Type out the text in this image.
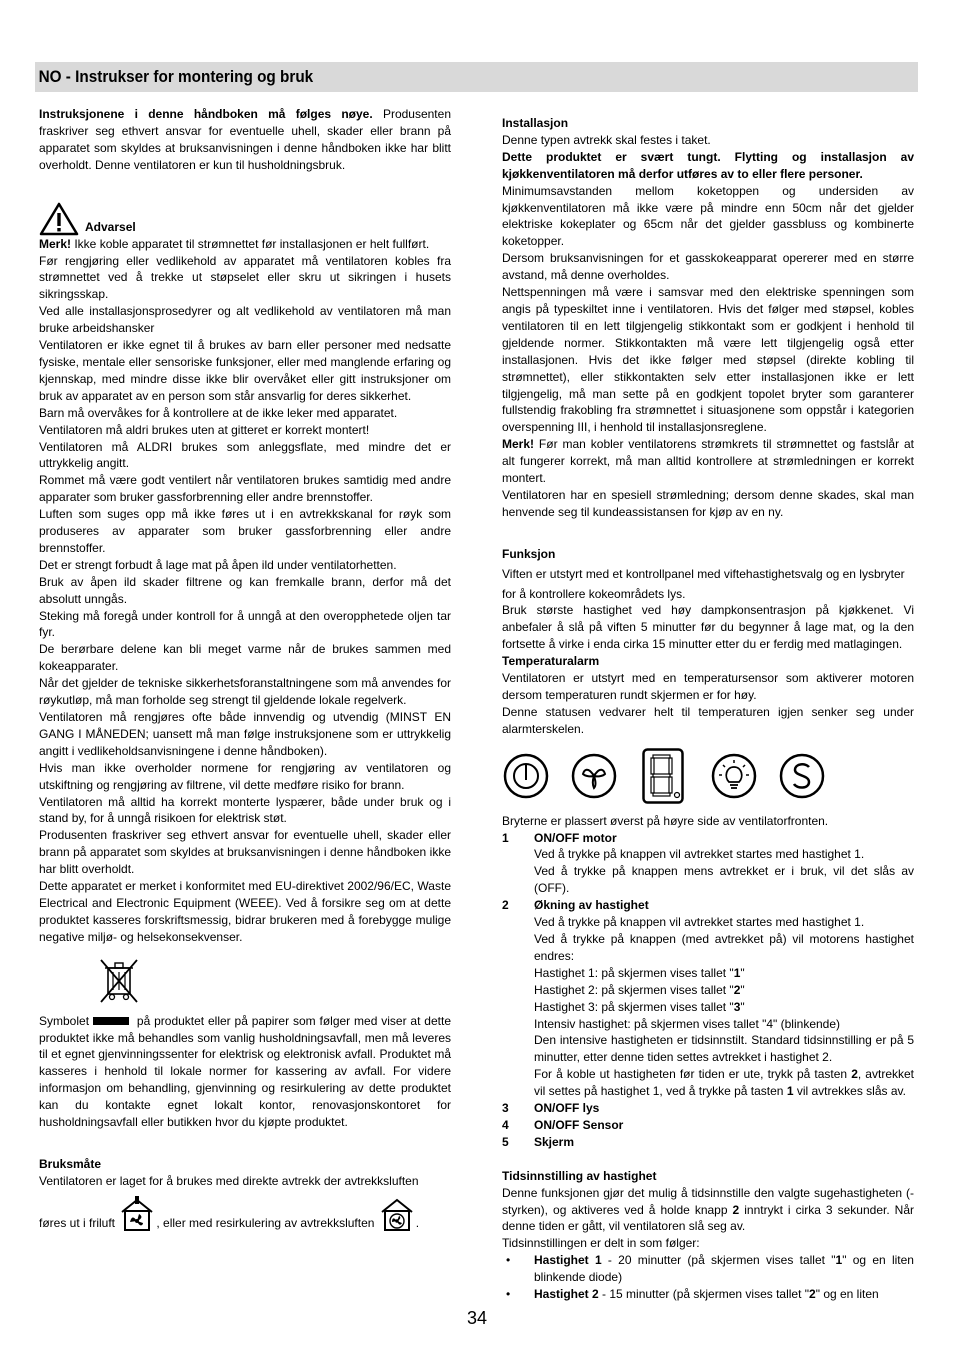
NO - Instrukser for montering og bruk

Instruksjonene i denne håndboken må følges nøye. Produsenten fraskriver seg ethvert ansvar for eventuelle uhell, skader eller brann på apparatet som skyldes at bruksanvisningen i denne håndboken ikke har blitt overholdt. Denne ventilatoren er kun til husholdningsbruk.

Advarsel

Merk! Ikke koble apparatet til strømnettet før installasjonen er helt fullført.

Før rengjøring eller vedlikehold av apparatet må ventilatoren kobles fra strømnettet ved å trekke ut støpselet eller skru ut sikringen i husets sikringsskap.

Ved alle installasjonsprosedyrer og alt vedlikehold av ventilatoren må man bruke arbeidshansker

Ventilatoren er ikke egnet til å brukes av barn eller personer med nedsatte fysiske, mentale eller sensoriske funksjoner, eller med manglende erfaring og kjennskap, med mindre disse ikke blir overvåket eller gitt instruksjoner om bruk av apparatet av en person som står ansvarlig for deres sikkerhet.

Barn må overvåkes for å kontrollere at de ikke leker med apparatet.

Ventilatoren må aldri brukes uten at gitteret er korrekt montert!

Ventilatoren må ALDRI brukes som anleggsflate, med mindre det er uttrykkelig angitt.

Rommet må være godt ventilert når ventilatoren brukes samtidig med andre apparater som bruker gassforbrenning eller andre brennstoffer.

Luften som suges opp må ikke føres ut i en avtrekkskanal for røyk som produseres av apparater som bruker gassforbrenning eller andre brennstoffer.

Det er strengt forbudt å lage mat på åpen ild under ventilatorhetten.

Bruk av åpen ild skader filtrene og kan fremkalle brann, derfor må det absolutt unngås.

Steking må foregå under kontroll for å unngå at den overopphetede oljen tar fyr.

De berørbare delene kan bli meget varme når de brukes sammen med kokeapparater.

Når det gjelder de tekniske sikkerhetsforanstaltningene som må anvendes for røykutløp, må man forholde seg strengt til gjeldende lokale regelverk.

Ventilatoren må rengjøres ofte både innvendig og utvendig (MINST EN GANG I MÅNEDEN; uansett må man følge instruksjonene som er uttrykkelig angitt i vedlikeholdsanvisningene i denne håndboken).

Hvis man ikke overholder normene for rengjøring av ventilatoren og utskiftning og rengjøring av filtrene, vil dette medføre risiko for brann.

Ventilatoren må alltid ha korrekt monterte lyspærer, både under bruk og i stand by, for å unngå risikoen for elektrisk støt.

Produsenten fraskriver seg ethvert ansvar for eventuelle uhell, skader eller brann på apparatet som skyldes at bruksanvisningen i denne håndboken ikke har blitt overholdt.

Dette apparatet er merket i konformitet med EU-direktivet 2002/96/EC, Waste Electrical and Electronic Equipment (WEEE). Ved å forsikre seg om at dette produktet kasseres forskriftsmessig, bidrar brukeren med å forebygge mulige negative miljø- og helsekonsekvenser.

Symbolet	på produktet eller på papirer som følger med viser at dette produktet ikke må behandles som vanlig husholdningsavfall, men må leveres til et egnet gjenvinningssenter for elektrisk og elektronisk avfall. Produktet må kasseres i henhold til lokale normer for kassering av avfall. For videre informasjon om behandling, gjenvinning og resirkulering av dette produktet kan du kontakte egnet lokalt kontor, renovasjonskontoret for husholdningsavfall eller butikken hvor du kjøpte produktet.

Bruksmåte

Ventilatoren er laget for å brukes med direkte avtrekk der avtrekksluften

føres ut i friluft	, eller med resirkulering av avtrekksluften	.

Installasjon

Denne typen avtrekk skal festes i taket.

Dette produktet er svært tungt. Flytting og installasjon av kjøkkenventilatoren må derfor utføres av to eller flere personer.

Minimumsavstanden mellom koketoppen og undersiden av kjøkkenventilatoren må ikke være på mindre enn 50cm når det gjelder elektriske kokeplater og 65cm når det gjelder gassbluss og kombinerte koketopper.

Dersom bruksanvisningen for et gasskokeapparat opererer med en større avstand, må denne overholdes.

Nettspenningen må være i samsvar med den elektriske spenningen som angis på typeskiltet inne i ventilatoren. Hvis det følger med støpsel, kobles ventilatoren til en lett tilgjengelig stikkontakt som er godkjent i henhold til gjeldende normer. Stikkontakten må være lett tilgjengelig også etter installasjonen. Hvis det ikke følger med støpsel (direkte kobling til strømnettet), eller stikkontakten selv etter installasjonen ikke er lett tilgjengelig, må man sette på en godkjent topolet bryter som garanterer fullstendig frakobling fra strømnettet i situasjonene som oppstår i kategorien overspenning III, i henhold til installasjonsreglene.

Merk! Før man kobler ventilatorens strømkrets til strømnettet og fastslår at alt fungerer korrekt, må man alltid kontrollere at strømledningen er korrekt montert.

Ventilatoren har en spesiell strømledning; dersom denne skades, skal man henvende seg til kundeassistansen for kjøp av en ny.

Funksjon

Viften er utstyrt med et kontrollpanel med viftehastighetsvalg og en lysbryter

for å kontrollere kokeområdets lys.

Bruk største hastighet ved høy dampkonsentrasjon på kjøkkenet. Vi anbefaler å slå på viften 5 minutter før du begynner å lage mat, og la den fortsette å virke i enda cirka 15 minutter etter du er ferdig med matlagingen.

Temperaturalarm

Ventilatoren er utstyrt med en temperatursensor som aktiverer motoren dersom temperaturen rundt skjermen er for høy.

Denne statusen vedvarer helt til temperaturen igjen senker seg under alarmterskelen.

Bryterne er plassert øverst på høyre side av ventilatorfronten.

1	ON/OFF motor

Ved å trykke på knappen vil avtrekket startes med hastighet 1.

Ved å trykke på knappen mens avtrekket er i bruk, vil det slås av (OFF).

2	Økning av hastighet

Ved å trykke på knappen vil avtrekket startes med hastighet 1.

Ved å trykke på knappen (med avtrekket på) vil motorens hastighet endres:

Hastighet 1: på skjermen vises tallet "1"

Hastighet 2: på skjermen vises tallet "2"

Hastighet 3: på skjermen vises tallet "3"

Intensiv hastighet: på skjermen vises tallet "4" (blinkende)

Den intensive hastigheten er tidsinnstilt. Standard tidsinnstilling er på 5 minutter, etter denne tiden settes avtrekket i hastighet 2.

For å koble ut hastigheten før tiden er ute, trykk på tasten 2, avtrekket vil settes på hastighet 1, ved å trykke på tasten 1 vil avtrekkes slås av.

3	ON/OFF lys
4	ON/OFF Sensor
5	Skjerm

Tidsinnstilling av hastighet

Denne funksjonen gjør det mulig å tidsinnstille den valgte sugehastigheten (-styrken), og aktiveres ved å holde knapp 2 inntrykt i cirka 3 sekunder. Når denne tiden er gått, vil ventilatoren slå seg av.

Tidsinnstillingen er delt in som følger:

•	Hastighet 1 - 20 minutter (på skjermen vises tallet "1" og en liten blinkende diode)
•	Hastighet 2 - 15 minutter (på skjermen vises tallet "2" og en liten
34
